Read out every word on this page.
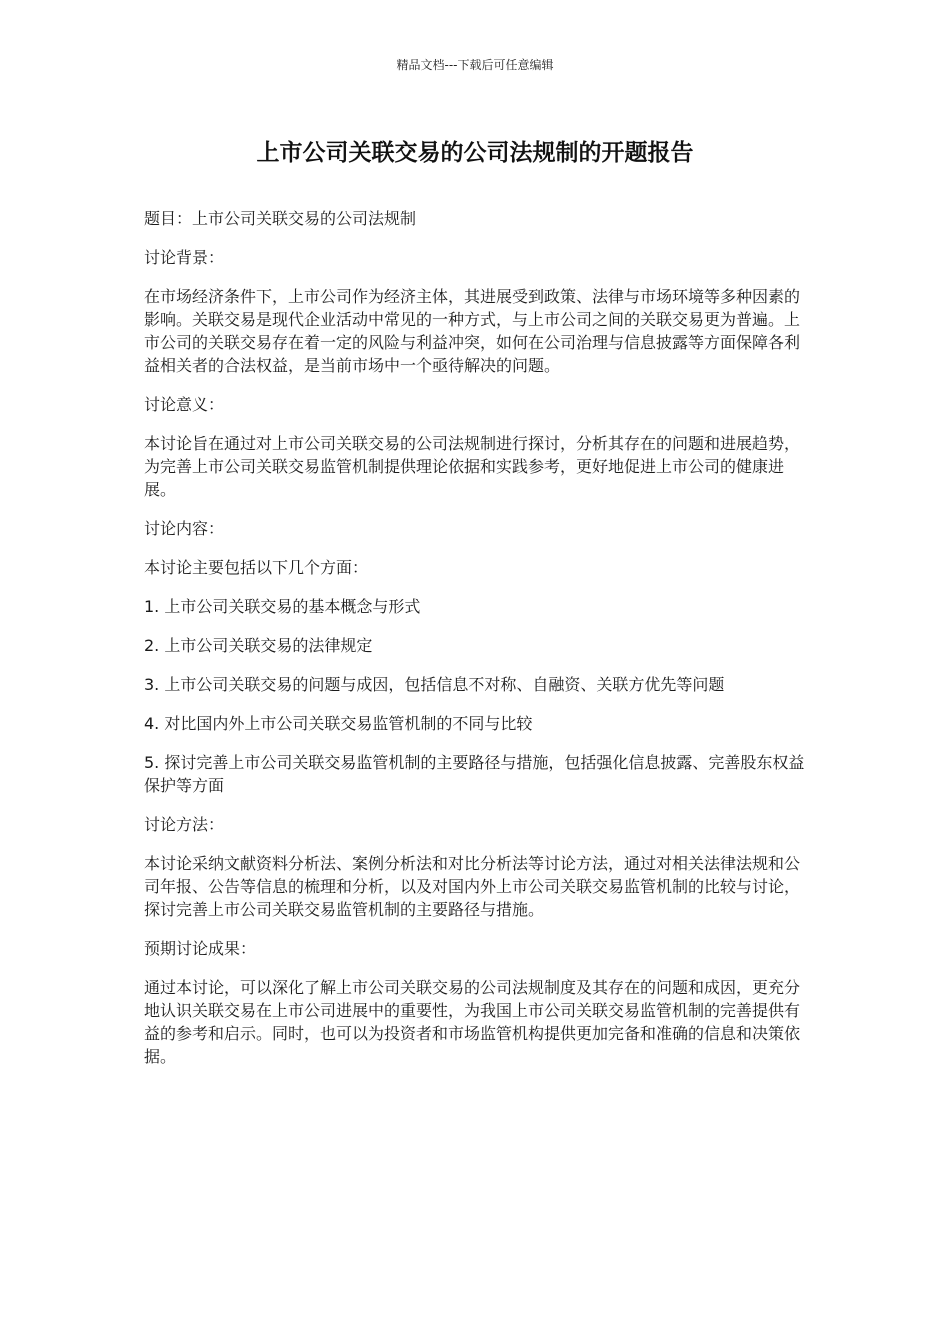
精品文档---下载后可任意编辑
上市公司关联交易的公司法规制的开题报告

题目：上市公司关联交易的公司法规制

讨论背景：

在市场经济条件下，上市公司作为经济主体，其进展受到政策、法律与市场环境等多种因素的影响。关联交易是现代企业活动中常见的一种方式，与上市公司之间的关联交易更为普遍。上市公司的关联交易存在着一定的风险与利益冲突，如何在公司治理与信息披露等方面保障各利益相关者的合法权益，是当前市场中一个亟待解决的问题。

讨论意义：

本讨论旨在通过对上市公司关联交易的公司法规制进行探讨，分析其存在的问题和进展趋势，为完善上市公司关联交易监管机制提供理论依据和实践参考，更好地促进上市公司的健康进展。

讨论内容：

本讨论主要包括以下几个方面：

1. 上市公司关联交易的基本概念与形式

2. 上市公司关联交易的法律规定

3. 上市公司关联交易的问题与成因，包括信息不对称、自融资、关联方优先等问题

4. 对比国内外上市公司关联交易监管机制的不同与比较

5. 探讨完善上市公司关联交易监管机制的主要路径与措施，包括强化信息披露、完善股东权益保护等方面

讨论方法：

本讨论采纳文献资料分析法、案例分析法和对比分析法等讨论方法，通过对相关法律法规和公司年报、公告等信息的梳理和分析，以及对国内外上市公司关联交易监管机制的比较与讨论，探讨完善上市公司关联交易监管机制的主要路径与措施。

预期讨论成果：

通过本讨论，可以深化了解上市公司关联交易的公司法规制度及其存在的问题和成因，更充分地认识关联交易在上市公司进展中的重要性，为我国上市公司关联交易监管机制的完善提供有益的参考和启示。同时，也可以为投资者和市场监管机构提供更加完备和准确的信息和决策依据。
